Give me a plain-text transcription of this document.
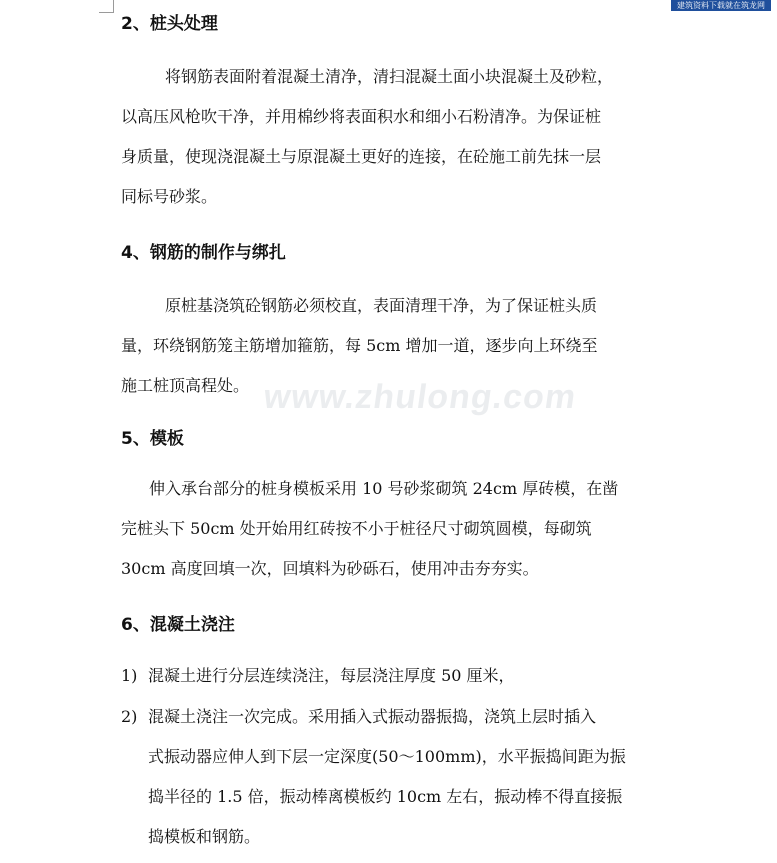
建筑资料下载就在筑龙网
www.zhulong.com
2、桩头处理
将钢筋表面附着混凝土清净，清扫混凝土面小块混凝土及砂粒，
以高压风枪吹干净，并用棉纱将表面积水和细小石粉清净。为保证桩
身质量，使现浇混凝土与原混凝土更好的连接，在砼施工前先抹一层
同标号砂浆。
4、钢筋的制作与绑扎
原桩基浇筑砼钢筋必须校直，表面清理干净，为了保证桩头质
量，环绕钢筋笼主筋增加箍筋，每 5cm 增加一道，逐步向上环绕至
施工桩顶高程处。
5、模板
伸入承台部分的桩身模板采用 10 号砂浆砌筑 24cm 厚砖模，在凿
完桩头下 50cm 处开始用红砖按不小于桩径尺寸砌筑圆模，每砌筑
30cm 高度回填一次，回填料为砂砾石，使用冲击夯夯实。
6、混凝土浇注
1) 混凝土进行分层连续浇注，每层浇注厚度 50 厘米，
2) 混凝土浇注一次完成。采用插入式振动器振捣，浇筑上层时插入
式振动器应伸人到下层一定深度(50～100mm)，水平振捣间距为振
捣半径的 1.5 倍，振动棒离模板约 10cm 左右，振动棒不得直接振
捣模板和钢筋。
